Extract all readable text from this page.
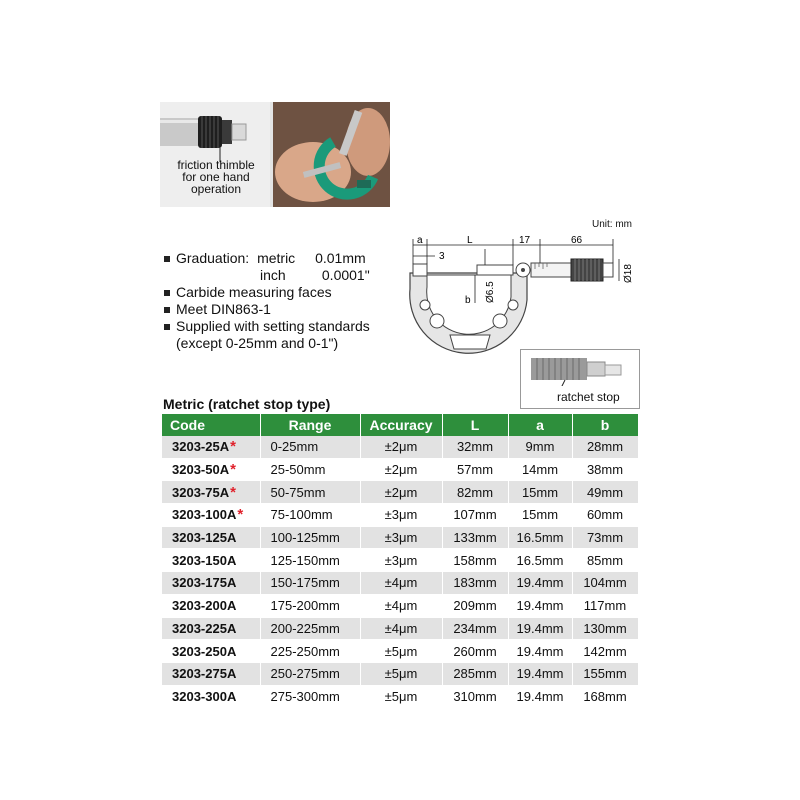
friction thimble
for one hand
operation
Graduation: metric 0.01mm
inch	0.0001"
Carbide measuring faces
Meet DIN863-1
Supplied with setting standards
(except 0-25mm and 0-1")
Unit: mm
a	L	17	66
3
b Ø6.5
Ø18
ratchet stop
Metric (ratchet stop type)
Code	Range	Accuracy	L	a	b
3203-25A*	0-25mm	±2μm	32mm	9mm	28mm
3203-50A*	25-50mm	±2μm	57mm	14mm	38mm
3203-75A*	50-75mm	±2μm	82mm	15mm	49mm
3203-100A*	75-100mm	±3μm	107mm	15mm	60mm
3203-125A	100-125mm	±3μm	133mm	16.5mm	73mm
3203-150A	125-150mm	±3μm	158mm	16.5mm	85mm
3203-175A	150-175mm	±4μm	183mm	19.4mm	104mm
3203-200A	175-200mm	±4μm	209mm	19.4mm	117mm
3203-225A	200-225mm	±4μm	234mm	19.4mm	130mm
3203-250A	225-250mm	±5μm	260mm	19.4mm	142mm
3203-275A	250-275mm	±5μm	285mm	19.4mm	155mm
3203-300A	275-300mm	±5μm	310mm	19.4mm	168mm
